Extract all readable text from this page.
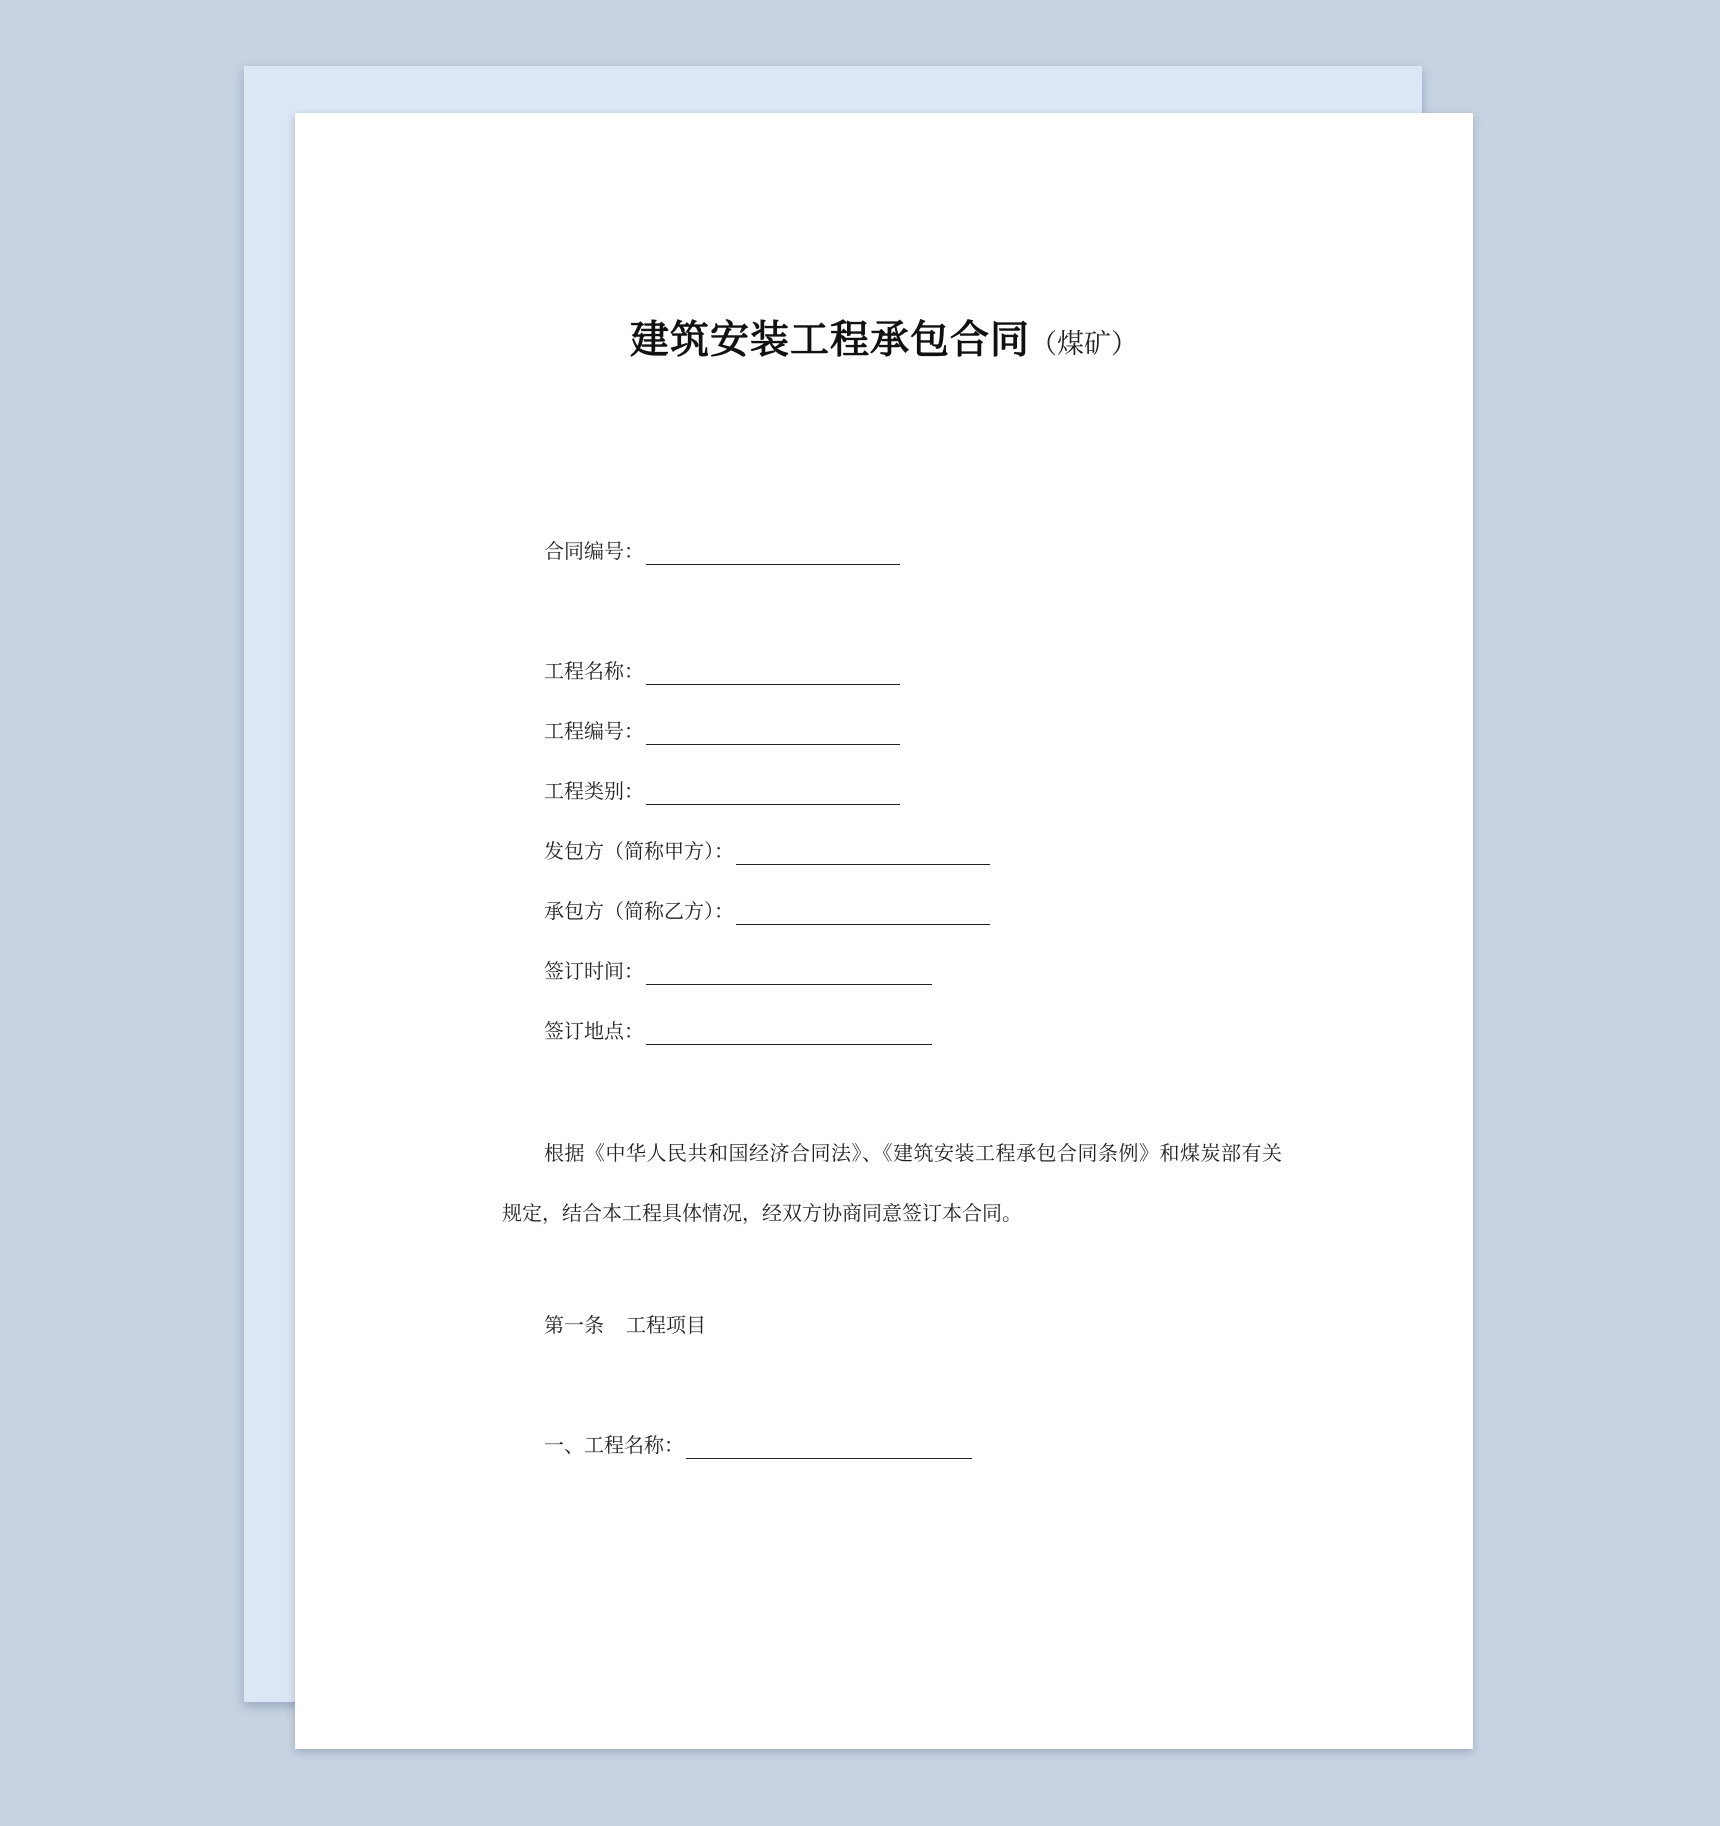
建筑安装工程承包合同（煤矿）
合同编号：
工程名称：
工程编号：
工程类别：
发包方（简称甲方）：
承包方（简称乙方）：
签订时间：
签订地点：
根据《中华人民共和国经济合同法》、《建筑安装工程承包合同条例》和煤炭部有关规定，结合本工程具体情况，经双方协商同意签订本合同。
第一条 工程项目
一、工程名称：
